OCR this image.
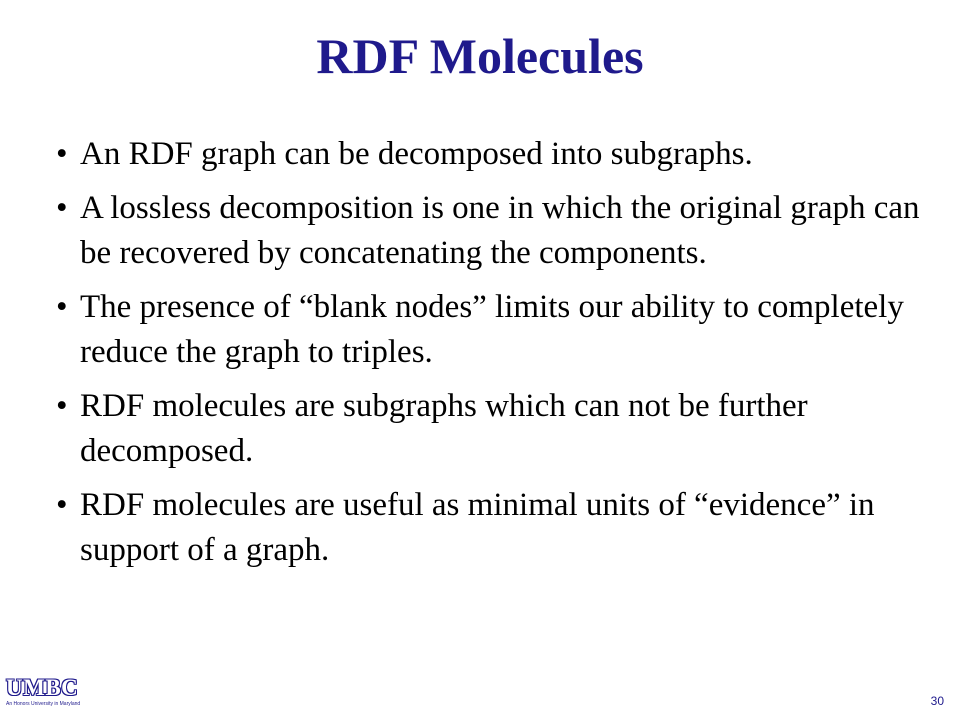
RDF Molecules
• An RDF graph can be decomposed into subgraphs.
• A lossless decomposition is one in which the original graph can be recovered by concatenating the components.
• The presence of “blank nodes” limits our ability to completely reduce the graph to triples.
• RDF molecules are subgraphs which can not be further decomposed.
• RDF molecules are useful as minimal units of “evidence” in support of a graph.
UMBC
An Honors University in Maryland	30
